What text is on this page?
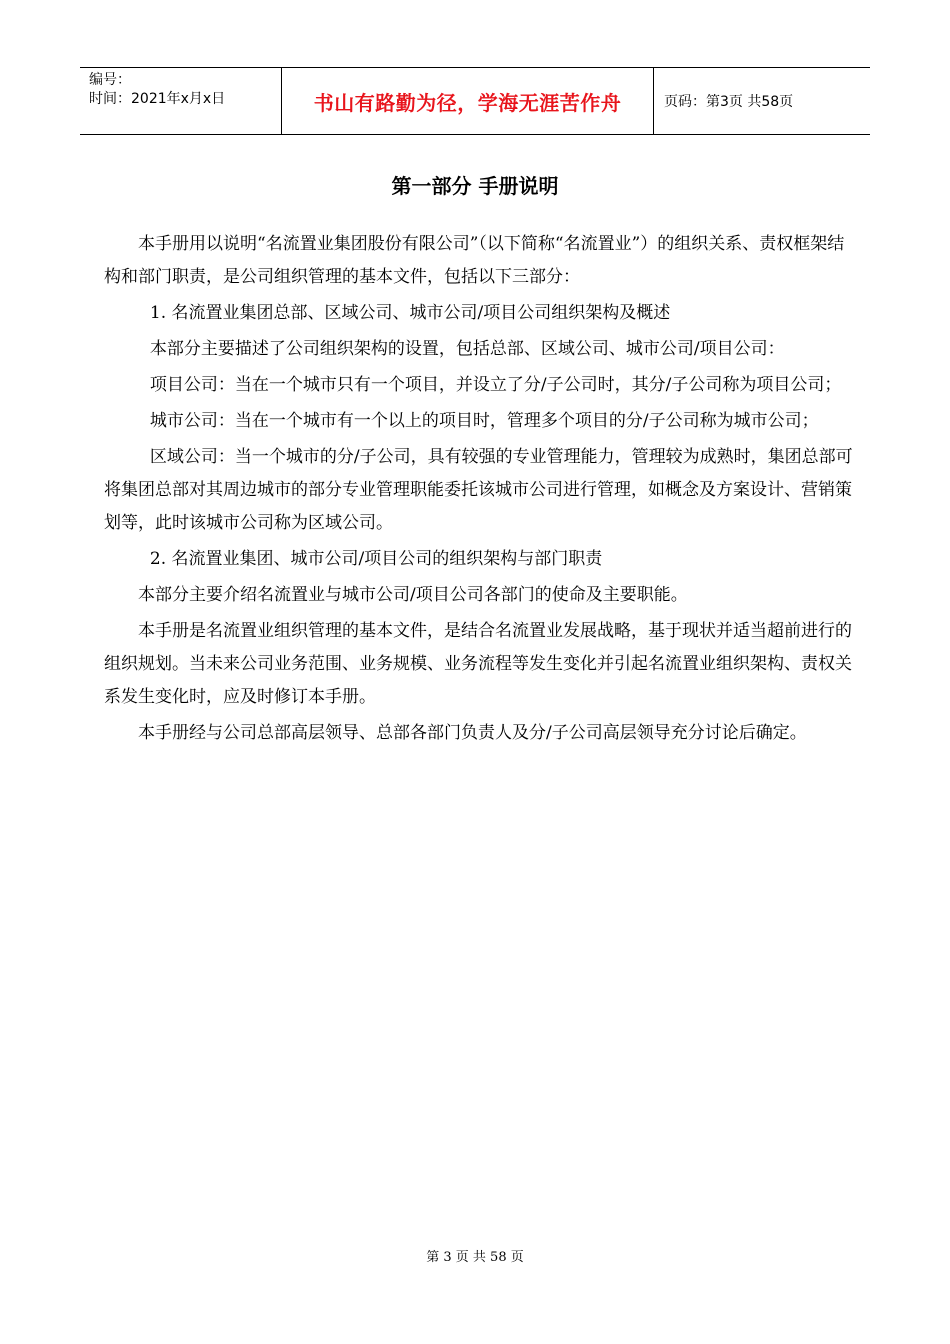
编号：
时间：2021年x月x日	书山有路勤为径，学海无涯苦作舟	页码：第3页 共58页
第一部分 手册说明

本手册用以说明“名流置业集团股份有限公司”（以下简称“名流置业”）的组织关系、责权框架结构和部门职责，是公司组织管理的基本文件，包括以下三部分：

1. 名流置业集团总部、区域公司、城市公司/项目公司组织架构及概述

本部分主要描述了公司组织架构的设置，包括总部、区域公司、城市公司/项目公司：

项目公司：当在一个城市只有一个项目，并设立了分/子公司时，其分/子公司称为项目公司；

城市公司：当在一个城市有一个以上的项目时，管理多个项目的分/子公司称为城市公司；

区域公司：当一个城市的分/子公司，具有较强的专业管理能力，管理较为成熟时，集团总部可将集团总部对其周边城市的部分专业管理职能委托该城市公司进行管理，如概念及方案设计、营销策划等，此时该城市公司称为区域公司。

2. 名流置业集团、城市公司/项目公司的组织架构与部门职责

本部分主要介绍名流置业与城市公司/项目公司各部门的使命及主要职能。

本手册是名流置业组织管理的基本文件，是结合名流置业发展战略，基于现状并适当超前进行的组织规划。当未来公司业务范围、业务规模、业务流程等发生变化并引起名流置业组织架构、责权关系发生变化时，应及时修订本手册。

本手册经与公司总部高层领导、总部各部门负责人及分/子公司高层领导充分讨论后确定。

第 3 页 共 58 页
